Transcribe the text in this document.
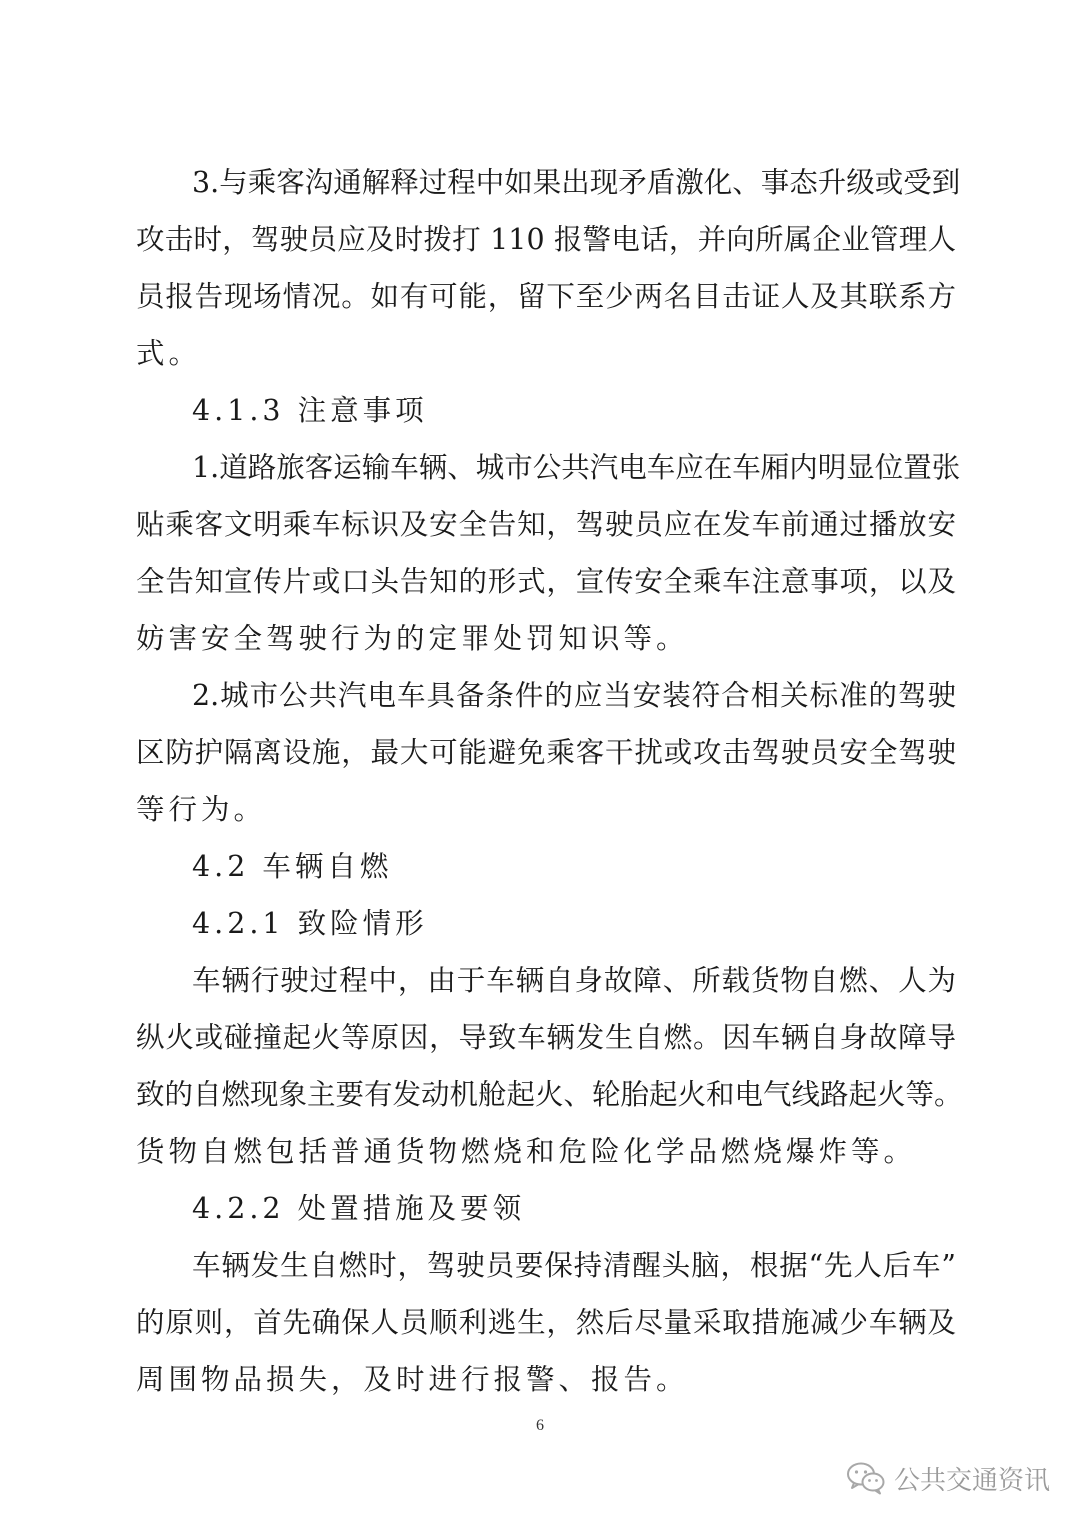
3.与乘客沟通解释过程中如果出现矛盾激化、事态升级或受到
攻击时，驾驶员应及时拨打 110 报警电话，并向所属企业管理人
员报告现场情况。如有可能，留下至少两名目击证人及其联系方
式。
4.1.3 注意事项
1.道路旅客运输车辆、城市公共汽电车应在车厢内明显位置张
贴乘客文明乘车标识及安全告知，驾驶员应在发车前通过播放安
全告知宣传片或口头告知的形式，宣传安全乘车注意事项，以及
妨害安全驾驶行为的定罪处罚知识等。
2.城市公共汽电车具备条件的应当安装符合相关标准的驾驶
区防护隔离设施，最大可能避免乘客干扰或攻击驾驶员安全驾驶
等行为。
4.2 车辆自燃
4.2.1 致险情形
车辆行驶过程中，由于车辆自身故障、所载货物自燃、人为
纵火或碰撞起火等原因，导致车辆发生自燃。因车辆自身故障导
致的自燃现象主要有发动机舱起火、轮胎起火和电气线路起火等。
货物自燃包括普通货物燃烧和危险化学品燃烧爆炸等。
4.2.2 处置措施及要领
车辆发生自燃时，驾驶员要保持清醒头脑，根据“先人后车”
的原则，首先确保人员顺利逃生，然后尽量采取措施减少车辆及
周围物品损失，及时进行报警、报告。
6
公共交通资讯
